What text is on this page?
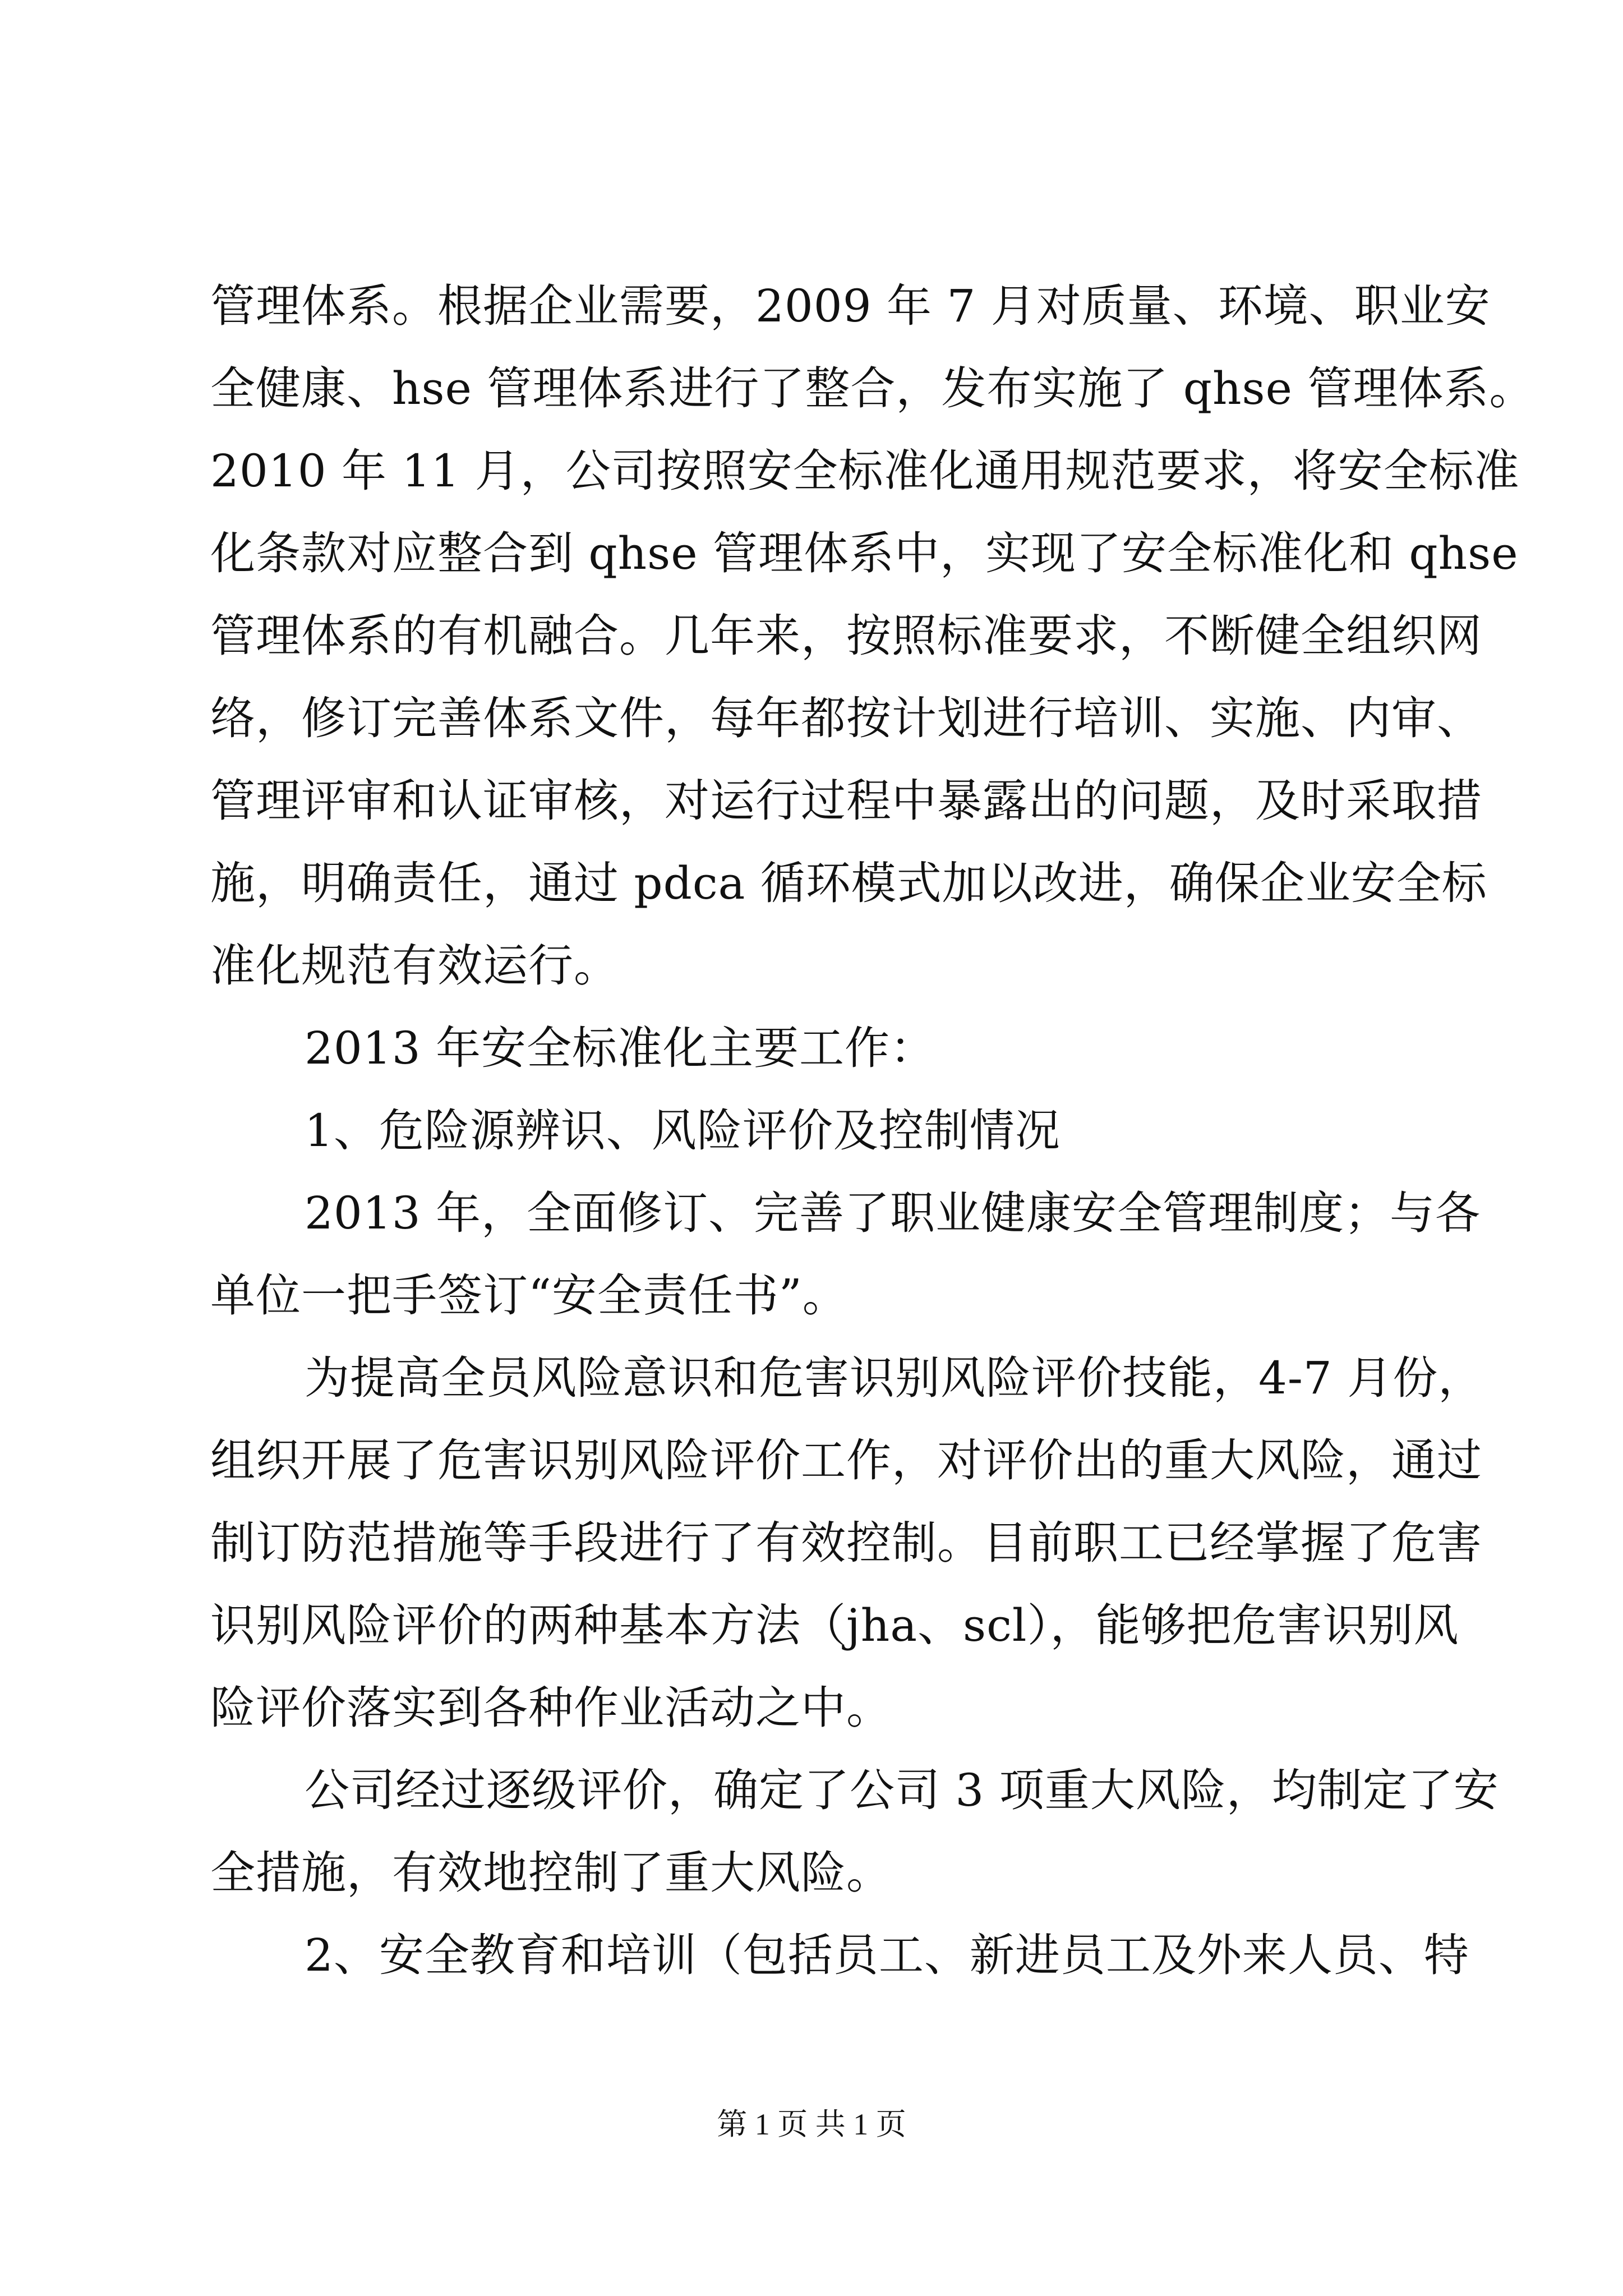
管理体系。根据企业需要，2009 年 7 月对质量、环境、职业安
全健康、hse 管理体系进行了整合，发布实施了 qhse 管理体系。
2010 年 11 月，公司按照安全标准化通用规范要求，将安全标准
化条款对应整合到 qhse 管理体系中，实现了安全标准化和 qhse
管理体系的有机融合。几年来，按照标准要求，不断健全组织网
络，修订完善体系文件，每年都按计划进行培训、实施、内审、
管理评审和认证审核，对运行过程中暴露出的问题，及时采取措
施，明确责任，通过 pdca 循环模式加以改进，确保企业安全标
准化规范有效运行。
2013 年安全标准化主要工作：
1、危险源辨识、风险评价及控制情况
2013 年，全面修订、完善了职业健康安全管理制度；与各
单位一把手签订“安全责任书”。
为提高全员风险意识和危害识别风险评价技能，4-7 月份，
组织开展了危害识别风险评价工作，对评价出的重大风险，通过
制订防范措施等手段进行了有效控制。目前职工已经掌握了危害
识别风险评价的两种基本方法（jha、scl），能够把危害识别风
险评价落实到各种作业活动之中。
公司经过逐级评价，确定了公司 3 项重大风险，均制定了安
全措施，有效地控制了重大风险。
2、安全教育和培训（包括员工、新进员工及外来人员、特
第 1 页 共 1 页
